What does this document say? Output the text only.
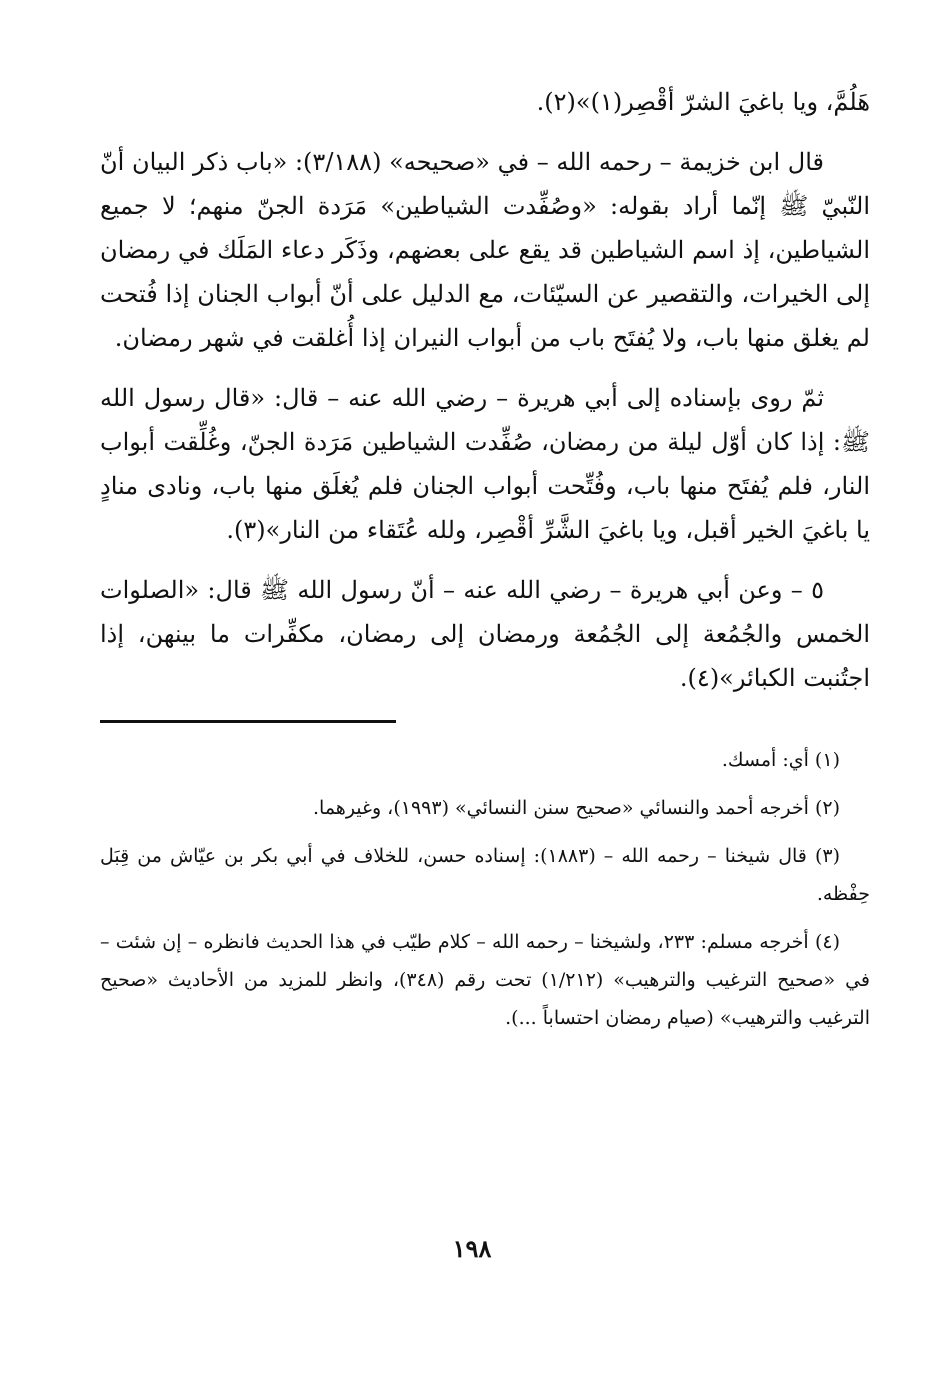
هَلُمَّ، ويا باغيَ الشرّ أقْصِر(١)»(٢).

قال ابن خزيمة – رحمه الله – في «صحيحه» (٣/١٨٨): «باب ذكر البيان أنّ النّبيّ ﷺ إنّما أراد بقوله: «وصُفِّدت الشياطين» مَرَدة الجنّ منهم؛ لا جميع الشياطين، إذ اسم الشياطين قد يقع على بعضهم، وذَكَر دعاء المَلَك في رمضان إلى الخيرات، والتقصير عن السيّئات، مع الدليل على أنّ أبواب الجنان إذا فُتحت لم يغلق منها باب، ولا يُفتَح باب من أبواب النيران إذا أُغلقت في شهر رمضان.

ثمّ روى بإسناده إلى أبي هريرة – رضي الله عنه – قال: «قال رسول الله ﷺ: إذا كان أوّل ليلة من رمضان، صُفِّدت الشياطين مَرَدة الجنّ، وغُلِّقت أبواب النار، فلم يُفتَح منها باب، وفُتِّحت أبواب الجنان فلم يُغلَق منها باب، ونادى منادٍ يا باغيَ الخير أقبل، ويا باغيَ الشَّرِّ أقْصِر، ولله عُتَقاء من النار»(٣).

٥ – وعن أبي هريرة – رضي الله عنه – أنّ رسول الله ﷺ قال: «الصلوات الخمس والجُمُعة إلى الجُمُعة ورمضان إلى رمضان، مكفِّرات ما بينهن، إذا اجتُنبت الكبائر»(٤).

(١) أي: أمسك.

(٢) أخرجه أحمد والنسائي «صحيح سنن النسائي» (١٩٩٣)، وغيرهما.

(٣) قال شيخنا – رحمه الله – (١٨٨٣): إسناده حسن، للخلاف في أبي بكر بن عيّاش من قِبَل حِفْظه.

(٤) أخرجه مسلم: ٢٣٣، ولشيخنا – رحمه الله – كلام طيّب في هذا الحديث فانظره – إن شئت – في «صحيح الترغيب والترهيب» (١/٢١٢) تحت رقم (٣٤٨)، وانظر للمزيد من الأحاديث «صحيح الترغيب والترهيب» (صيام رمضان احتساباً ...).

١٩٨
